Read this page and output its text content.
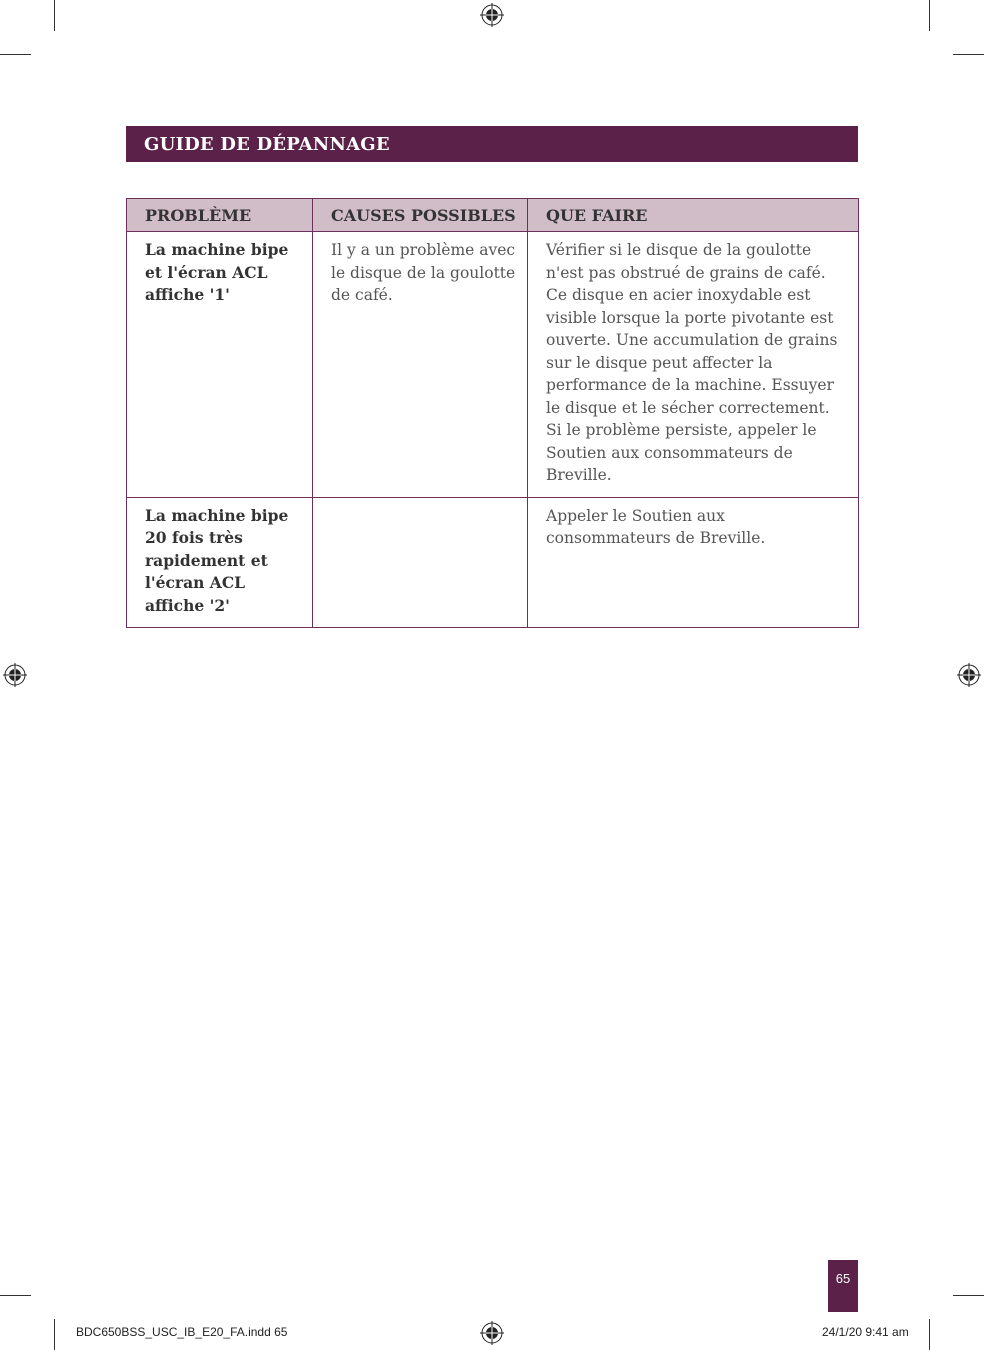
GUIDE DE DÉPANNAGE
PROBLÈME	CAUSES POSSIBLES	QUE FAIRE
La machine bipe et l'écran ACL affiche '1'	Il y a un problème avec le disque de la goulotte de café.	Vérifier si le disque de la goulotte n'est pas obstrué de grains de café. Ce disque en acier inoxydable est visible lorsque la porte pivotante est ouverte. Une accumulation de grains sur le disque peut affecter la performance de la machine. Essuyer le disque et le sécher correctement. Si le problème persiste, appeler le Soutien aux consommateurs de Breville.
La machine bipe 20 fois très rapidement et l'écran ACL affiche '2'		Appeler le Soutien aux consommateurs de Breville.
65
BDC650BSS_USC_IB_E20_FA.indd 65	24/1/20 9:41 am
